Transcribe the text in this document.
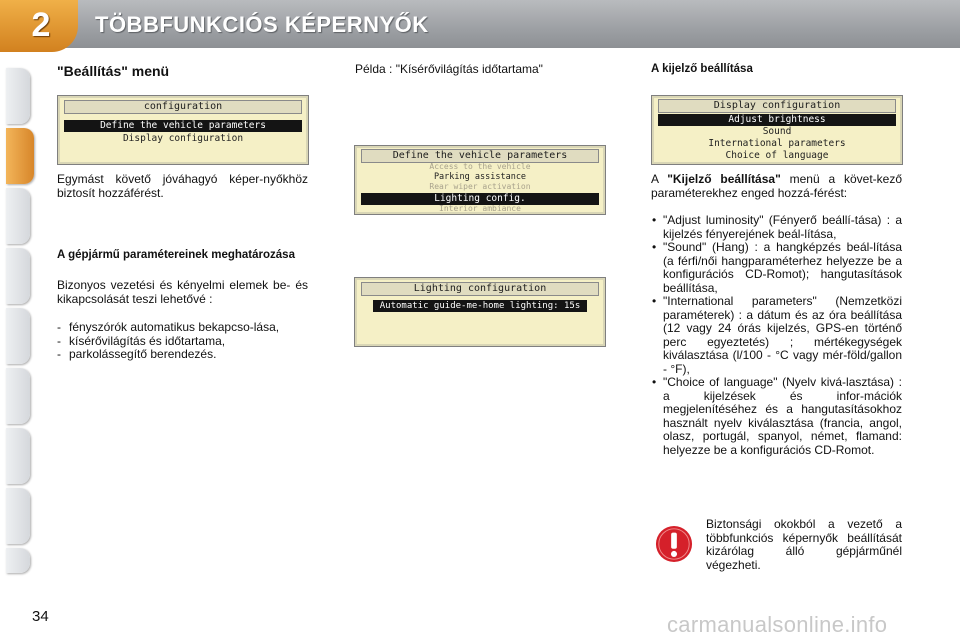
2	TÖBBFUNKCIÓS KÉPERNYŐK
"Beállítás" menü
configuration
Define the vehicle parameters
Display configuration
Egymást követő jóváhagyó képer-nyőkhöz biztosít hozzáférést.
A gépjármű paramétereinek meghatározása
Bizonyos vezetési és kényelmi elemek be- és kikapcsolását teszi lehetővé :
- fényszórók automatikus bekapcso-lása,
- kísérővilágítás és időtartama,
- parkolássegítő berendezés.
Példa : "Kísérővilágítás időtartama"
Define the vehicle parameters
Access to the vehicle
Parking assistance
Rear wiper activation
Lighting config.
Interior ambiance
Lighting configuration
Automatic guide-me-home lighting: 15s
A kijelző beállítása
Display configuration
Adjust brightness
Sound
International parameters
Choice of language
A "Kijelző beállítása" menü a követ-kező paraméterekhez enged hozzá-férést:
• "Adjust luminosity" (Fényerő beállí-tása) : a kijelzés fényerejének beál-lítása,
• "Sound" (Hang) : a hangképzés beál-lítása (a férfi/női hangparaméterhez helyezze be a konfigurációs CD-Romot); hangutasítások beállítása,
• "International parameters" (Nemzetközi paraméterek) : a dátum és az óra beállítása (12 vagy 24 órás kijelzés, GPS-en történő perc egyeztetés) ; mértékegységek kiválasztása (l/100 - °C vagy mér-föld/gallon - °F),
• "Choice of language" (Nyelv kivá-lasztása) : a kijelzések és infor-mációk megjelenítéséhez és a hangutasításokhoz használt nyelv kiválasztása (francia, angol, olasz, portugál, spanyol, német, flamand: helyezze be a konfigurációs CD-Romot.
Biztonsági okokból a vezető a többfunkciós képernyők beállítását kizárólag álló gépjárműnél végezheti.
34	carmanualsonline.info
